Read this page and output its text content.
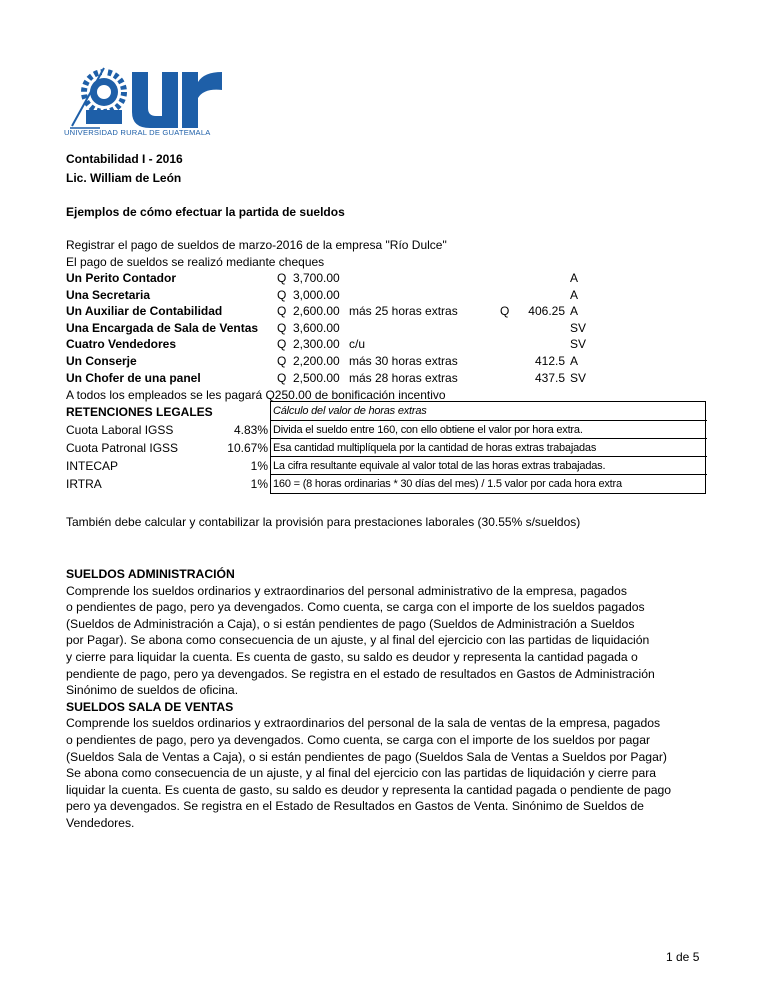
UNIVERSIDAD RURAL DE GUATEMALA
Contabilidad I - 2016
Lic. William de León
Ejemplos de cómo efectuar la partida de sueldos
Registrar el pago de sueldos de marzo-2016 de la empresa "Río Dulce"
El pago de sueldos se realizó mediante cheques
Un Perito Contador	Q 3,700.00	A
Una Secretaria	Q 3,000.00	A
Un Auxiliar de Contabilidad	Q 2,600.00 más 25 horas extras	Q	406.25 A
Una Encargada de Sala de Ventas Q 3,600.00	SV
Cuatro Vendedores	Q 2,300.00 c/u	SV
Un Conserje	Q 2,200.00 más 30 horas extras	412.5 A
Un Chofer de una panel	Q 2,500.00 más 28 horas extras	437.5 SV
A todos los empleados se les pagará Q250.00 de bonificación incentivo
RETENCIONES LEGALES
Cuota Laboral IGSS	4.83%
Cuota Patronal IGSS	10.67%
INTECAP	1%
IRTRA	1%
Cálculo del valor de horas extras
Divida el sueldo entre 160, con ello obtiene el valor por hora extra.
Esa cantidad multiplíquela por la cantidad de horas extras trabajadas
La cifra resultante equivale al valor total de las horas extras trabajadas.
160 = (8 horas ordinarias * 30 días del mes) / 1.5 valor por cada hora extra
También debe calcular y contabilizar la provisión para prestaciones laborales (30.55% s/sueldos)
SUELDOS ADMINISTRACIÓN
Comprende los sueldos ordinarios y extraordinarios del personal administrativo de la empresa, pagados
o pendientes de pago, pero ya devengados. Como cuenta, se carga con el importe de los sueldos pagados
(Sueldos de Administración a Caja), o si están pendientes de pago (Sueldos de Administración a Sueldos
por Pagar). Se abona como consecuencia de un ajuste, y al final del ejercicio con las partidas de liquidación
y cierre para liquidar la cuenta. Es cuenta de gasto, su saldo es deudor y representa la cantidad pagada o
pendiente de pago, pero ya devengados. Se registra en el estado de resultados en Gastos de Administración
Sinónimo de sueldos de oficina.
SUELDOS SALA DE VENTAS
Comprende los sueldos ordinarios y extraordinarios del personal de la sala de ventas de la empresa, pagados
o pendientes de pago, pero ya devengados. Como cuenta, se carga con el importe de los sueldos por pagar
(Sueldos Sala de Ventas a Caja), o si están pendientes de pago (Sueldos Sala de Ventas a Sueldos por Pagar)
Se abona como consecuencia de un ajuste, y al final del ejercicio con las partidas de liquidación y cierre para
liquidar la cuenta. Es cuenta de gasto, su saldo es deudor y representa la cantidad pagada o pendiente de pago
pero ya devengados. Se registra en el Estado de Resultados en Gastos de Venta. Sinónimo de Sueldos de
Vendedores.
1 de 5
